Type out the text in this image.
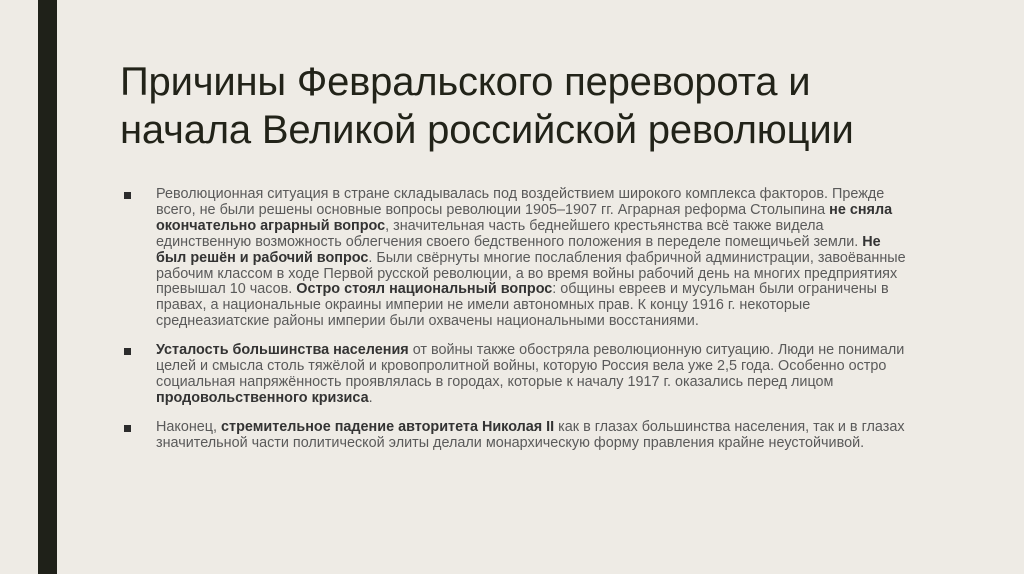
Причины Февральского переворота и
начала Великой российской революции
Революционная ситуация в стране складывалась под воздействием широкого комплекса факторов. Прежде всего, не были решены основные вопросы революции 1905–1907 гг. Аграрная реформа Столыпина не сняла окончательно аграрный вопрос, значительная часть беднейшего крестьянства всё также видела единственную возможность облегчения своего бедственного положения в переделе помещичьей земли. Не был решён и рабочий вопрос. Были свёрнуты многие послабления фабричной администрации, завоёванные рабочим классом в ходе Первой русской революции, а во время войны рабочий день на многих предприятиях превышал 10 часов. Остро стоял национальный вопрос: общины евреев и мусульман были ограничены в правах, а национальные окраины империи не имели автономных прав. К концу 1916 г. некоторые среднеазиатские районы империи были охвачены национальными восстаниями.
Усталость большинства населения от войны также обостряла революционную ситуацию. Люди не понимали целей и смысла столь тяжёлой и кровопролитной войны, которую Россия вела уже 2,5 года. Особенно остро социальная напряжённость проявлялась в городах, которые к началу 1917 г. оказались перед лицом продовольственного кризиса.
Наконец, стремительное падение авторитета Николая II как в глазах большинства населения, так и в глазах значительной части политической элиты делали монархическую форму правления крайне неустойчивой.
